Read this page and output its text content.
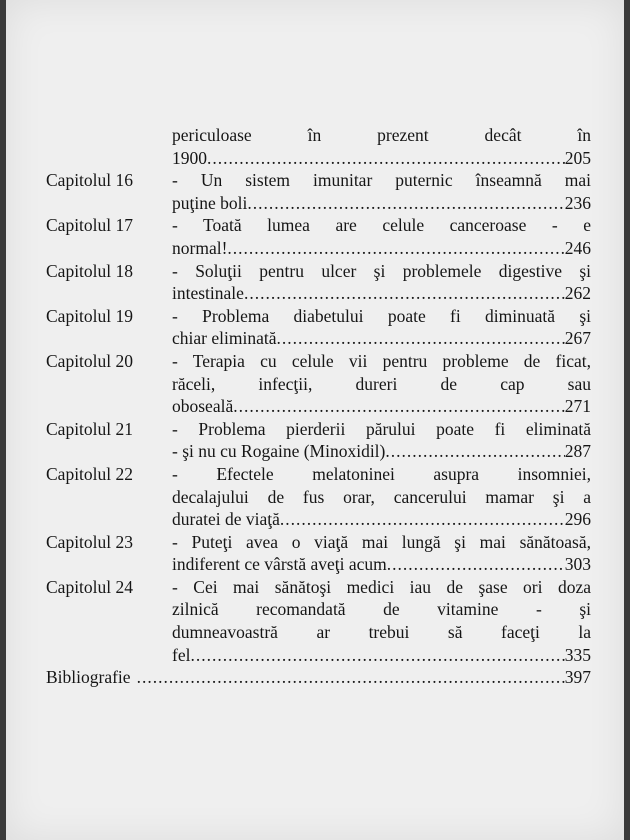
periculoase în prezent decât în
1900 .....	205
Capitolul 16	- Un sistem imunitar puternic înseamnă mai
puţine boli .....	236
Capitolul 17	- Toată lumea are celule canceroase - e
normal! .....	246
Capitolul 18	- Soluţii pentru ulcer şi problemele digestive şi
intestinale .....	262
Capitolul 19	- Problema diabetului poate fi diminuată şi
chiar eliminată .....	267
Capitolul 20	- Terapia cu celule vii pentru probleme de ficat,
răceli, infecţii, dureri de cap sau
oboseală .....	271
Capitolul 21	- Problema pierderii părului poate fi eliminată
- şi nu cu Rogaine (Minoxidil) .....	287
Capitolul 22	- Efectele melatoninei asupra insomniei,
decalajului de fus orar, cancerului mamar şi a
duratei de viaţă .....	296
Capitolul 23	- Puteţi avea o viaţă mai lungă şi mai sănătoasă,
indiferent ce vârstă aveţi acum .....	303
Capitolul 24	- Cei mai sănătoşi medici iau de şase ori doza
zilnică recomandată de vitamine - şi
dumneavoastră ar trebui să faceţi la
fel .....	335
Bibliografie .....	397
